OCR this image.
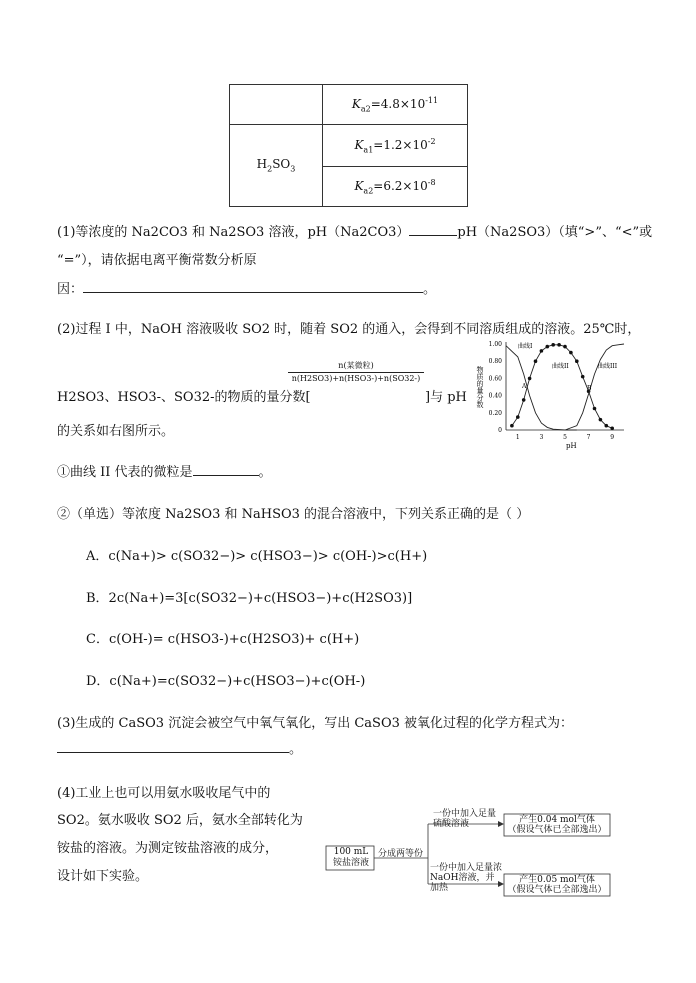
	$K_{a2}=4.8\times 10^{-11}$
$H_2SO_3$	$K_{a1}=1.2\times 10^{-2}$
	$K_{a2}=6.2\times 10^{-8}$
(1)等浓度的 Na2CO3 和 Na2SO3 溶液，pH（Na2CO3）	pH（Na2SO3）（填“>”、“<”或
“=”），请依据电离平衡常数分析原
因：	。
(2)过程 I 中，NaOH 溶液吸收 SO2 时，随着 SO2 的通入，会得到不同溶质组成的溶液。25℃时，
n(某微粒)
n(H2SO3)+n(HSO3-)+n(SO32-)
H2SO3、HSO3-、SO32-的物质的量分数[	]与 pH
的关系如右图所示。
①曲线 II 代表的微粒是	。
②（单选）等浓度 Na2SO3 和 NaHSO3 的混合溶液中，下列关系正确的是（ ）
A．c(Na+)> c(SO32−)> c(HSO3−)> c(OH-)>c(H+)
B．2c(Na+)=3[c(SO32−)+c(HSO3−)+c(H2SO3)]
C．c(OH-)= c(HSO3-)+c(H2SO3)+ c(H+)
D．c(Na+)=c(SO32−)+c(HSO3−)+c(OH-)
(3)生成的 CaSO3 沉淀会被空气中氧气氧化，写出 CaSO3 被氧化过程的化学方程式为：
。
(4)工业上也可以用氨水吸收尾气中的
SO2。氨水吸收 SO2 后，氨水全部转化为
铵盐的溶液。为测定铵盐溶液的成分，
设计如下实验。
物质的量分数
1.00
0.80
0.60
0.40
0.20
0
1	3	5	7	9
pH
曲线I
曲线II	曲线III
A	B
100 mL 铵盐溶液
分成两等份
一份中加入足量硫酸溶液	产生0.04 mol气体
（假设气体已全部逸出）
一份中加入足量浓NaOH溶液，并加热
产生0.05 mol气体
（假设气体已全部逸出）
